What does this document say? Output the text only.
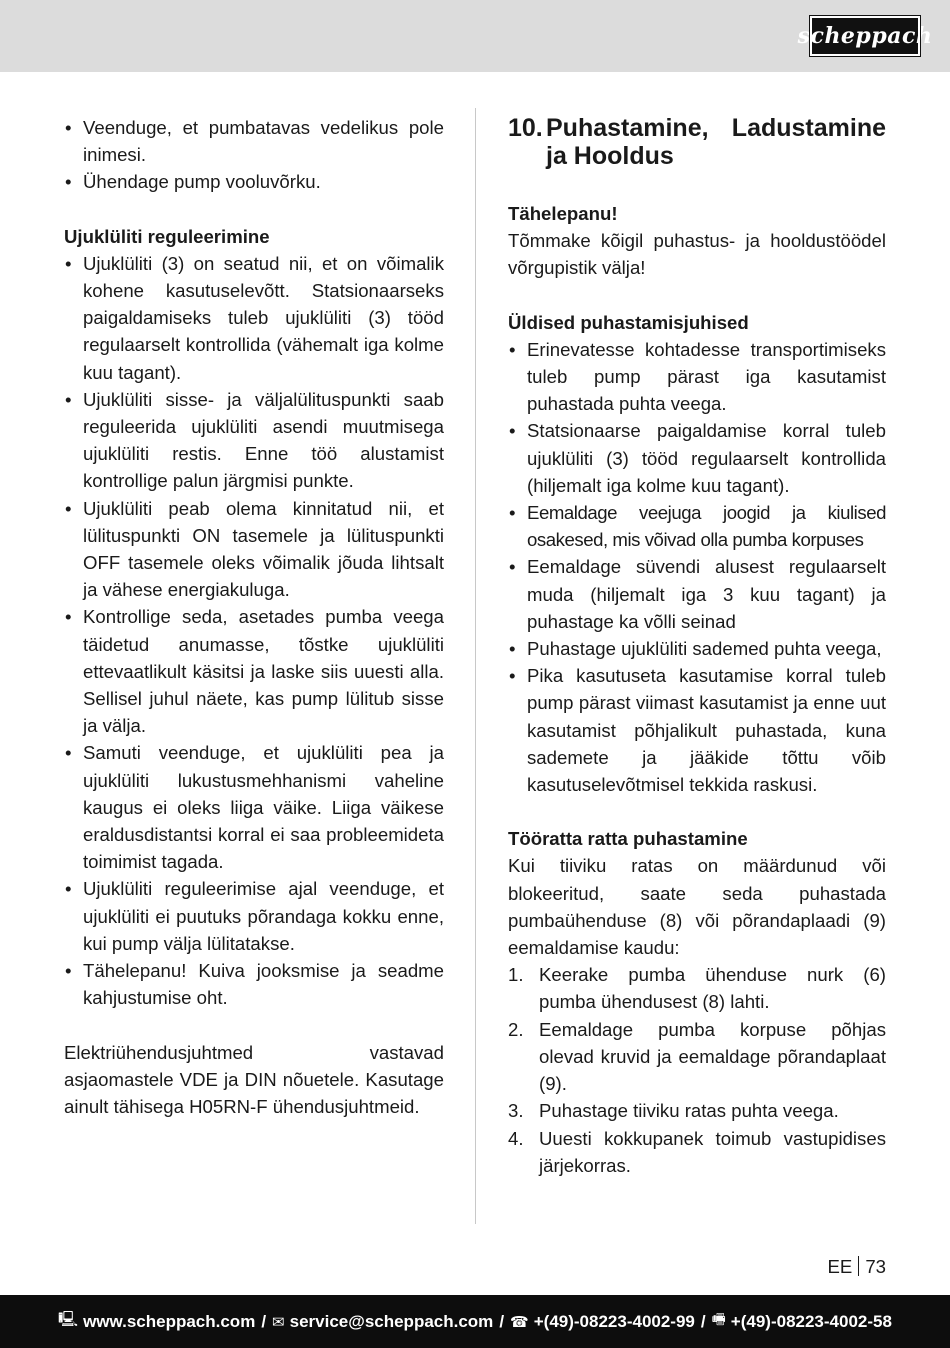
scheppach
• Veenduge, et pumbatavas vedelikus pole inimesi.
• Ühendage pump vooluvõrku.
Ujuklüliti reguleerimine
• Ujuklüliti (3) on seatud nii, et on võimalik kohene kasutuselevõtt. Statsionaarseks paigaldamiseks tuleb ujuklüliti (3) tööd regulaarselt kontrollida (vähemalt iga kolme kuu tagant).
• Ujuklüliti sisse- ja väljalülituspunkti saab reguleerida ujuklüliti asendi muutmisega ujuklüliti restis. Enne töö alustamist kontrollige palun järgmisi punkte.
• Ujuklüliti peab olema kinnitatud nii, et lülituspunkti ON tasemele ja lülituspunkti OFF tasemele oleks võimalik jõuda lihtsalt ja vähese energiakuluga.
• Kontrollige seda, asetades pumba veega täidetud anumasse, tõstke ujuklüliti ettevaatlikult käsitsi ja laske siis uuesti alla. Sellisel juhul näete, kas pump lülitub sisse ja välja.
• Samuti veenduge, et ujuklüliti pea ja ujuklüliti lukustusmehhanismi vaheline kaugus ei oleks liiga väike. Liiga väikese eraldusdistantsi korral ei saa probleemideta toimimist tagada.
• Ujuklüliti reguleerimise ajal veenduge, et ujuklüliti ei puutuks põrandaga kokku enne, kui pump välja lülitatakse.
• Tähelepanu! Kuiva jooksmise ja seadme kahjustumise oht.
Elektriühendusjuhtmed vastavad asjaomastele VDE ja DIN nõuetele. Kasutage ainult tähisega H05RN-F ühendusjuhtmeid.
10. Puhastamine, Ladustamine ja Hooldus
Tähelepanu!
Tõmmake kõigil puhastus- ja hooldustöödel võrgupistik välja!
Üldised puhastamisjuhised
• Erinevatesse kohtadesse transportimiseks tuleb pump pärast iga kasutamist puhastada puhta veega.
• Statsionaarse paigaldamise korral tuleb ujuklüliti (3) tööd regulaarselt kontrollida (hiljemalt iga kolme kuu tagant).
• Eemaldage veejuga joogid ja kiulised osakesed, mis võivad olla pumba korpuses
• Eemaldage süvendi alusest regulaarselt muda (hiljemalt iga 3 kuu tagant) ja puhastage ka võlli seinad
• Puhastage ujuklüliti sademed puhta veega,
• Pika kasutuseta kasutamise korral tuleb pump pärast viimast kasutamist ja enne uut kasutamist põhjalikult puhastada, kuna sademete ja jääkide tõttu võib kasutuselevõtmisel tekkida raskusi.
Tööratta ratta puhastamine
Kui tiiviku ratas on määrdunud või blokeeritud, saate seda puhastada pumbaühenduse (8) või põrandaplaadi (9) eemaldamise kaudu:
1. Keerake pumba ühenduse nurk (6) pumba ühendusest (8) lahti.
2. Eemaldage pumba korpuse põhjas olevad kruvid ja eemaldage põrandaplaat (9).
3. Puhastage tiiviku ratas puhta veega.
4. Uuesti kokkupanek toimub vastupidises järjekorras.
EE 73
🖳 www.scheppach.com / ✉ service@scheppach.com / ☎ +(49)-08223-4002-99 / 🖷 +(49)-08223-4002-58
